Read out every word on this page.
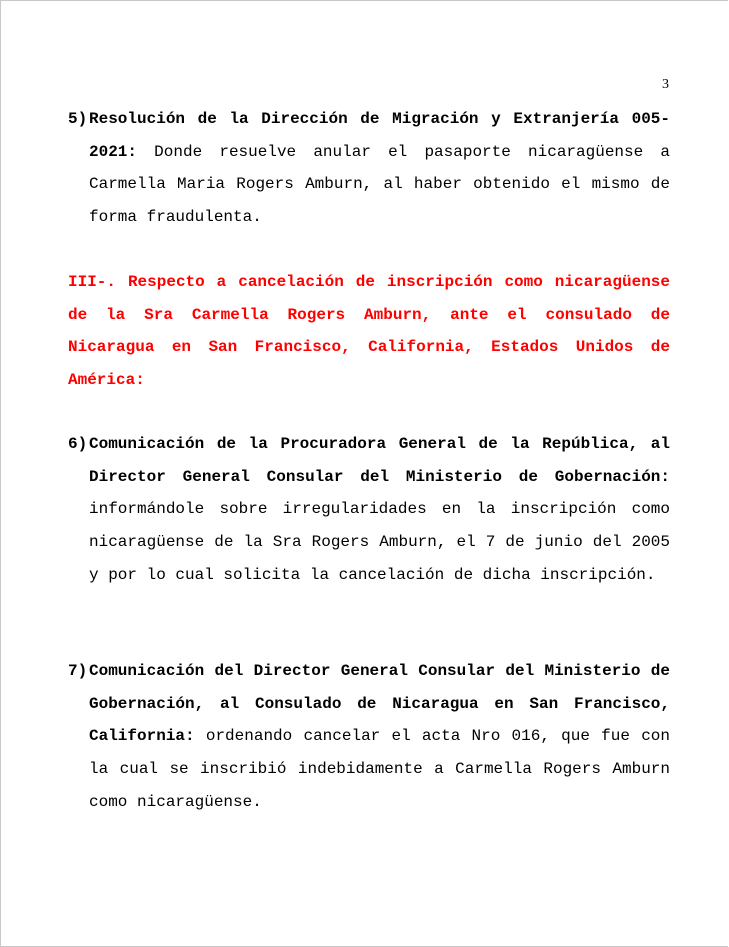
3
5) Resolución de la Dirección de Migración y Extranjería 005-2021: Donde resuelve anular el pasaporte nicaragüense a Carmella Maria Rogers Amburn, al haber obtenido el mismo de forma fraudulenta.
III-. Respecto a cancelación de inscripción como nicaragüense de la Sra Carmella Rogers Amburn, ante el consulado de Nicaragua en San Francisco, California, Estados Unidos de América:
6) Comunicación de la Procuradora General de la República, al Director General Consular del Ministerio de Gobernación: informándole sobre irregularidades en la inscripción como nicaragüense de la Sra Rogers Amburn, el 7 de junio del 2005 y por lo cual solicita la cancelación de dicha inscripción.
7) Comunicación del Director General Consular del Ministerio de Gobernación, al Consulado de Nicaragua en San Francisco, California: ordenando cancelar el acta Nro 016, que fue con la cual se inscribió indebidamente a Carmella Rogers Amburn como nicaragüense.
